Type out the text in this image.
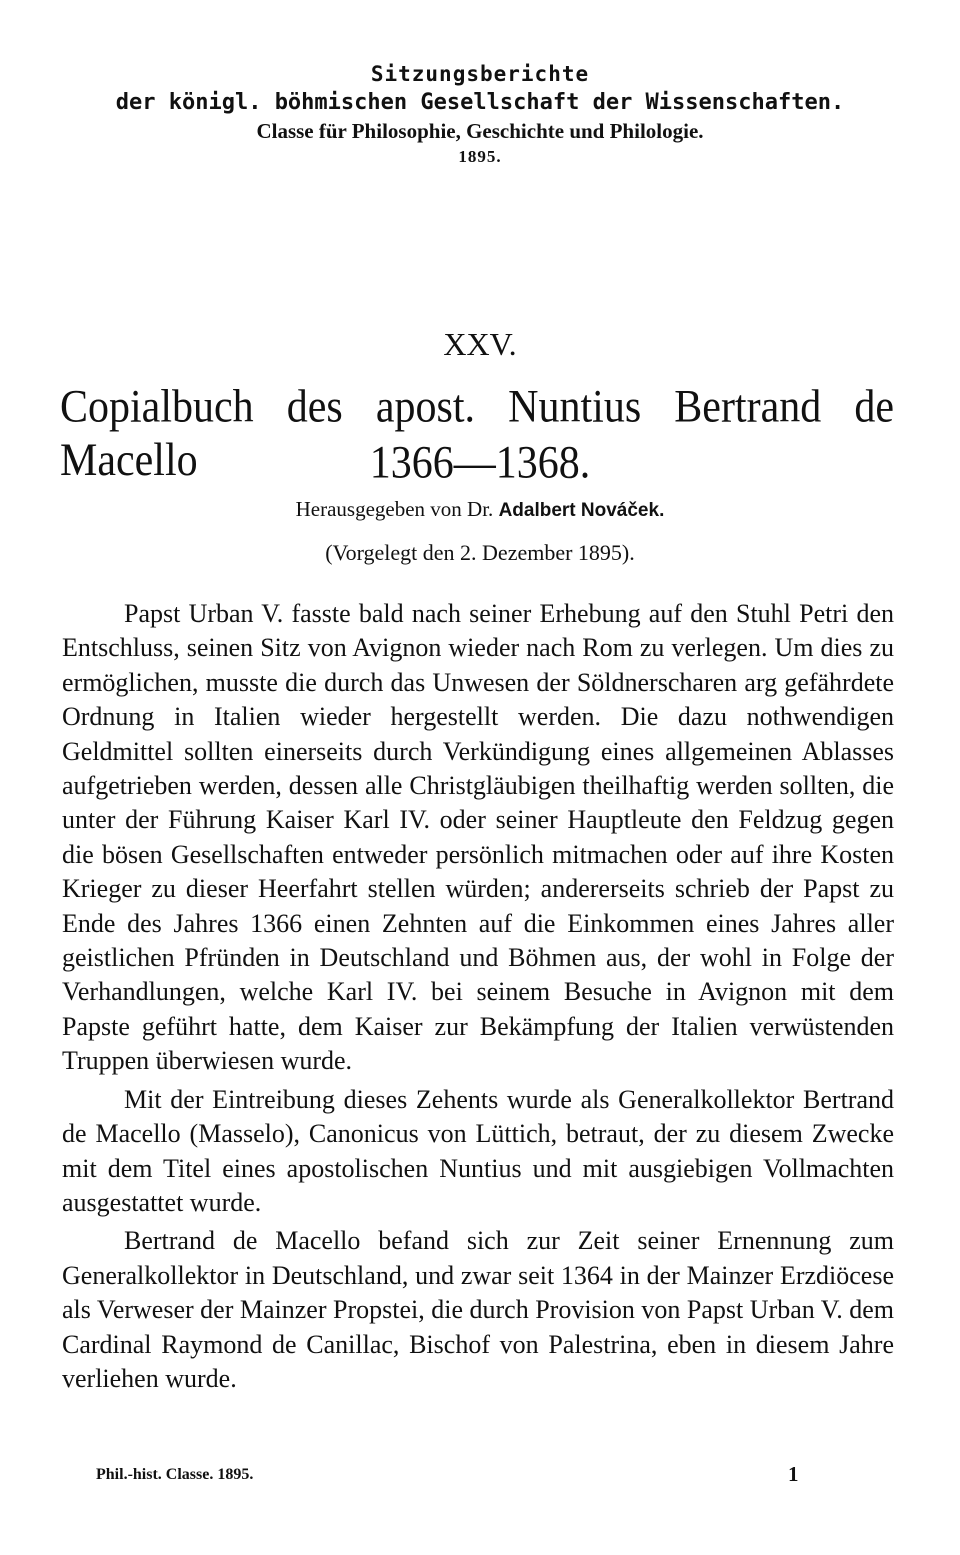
Sitzungsberichte
der königl. böhmischen Gesellschaft der Wissenschaften.
Classe für Philosophie, Geschichte und Philologie.
1895.
XXV.
Copialbuch des apost. Nuntius Bertrand de Macello	1366—1368.
Herausgegeben von Dr. Adalbert Nováček.
(Vorgelegt den 2. Dezember 1895).

Papst Urban V. fasste bald nach seiner Erhebung auf den Stuhl Petri den Entschluss, seinen Sitz von Avignon wieder nach Rom zu verlegen. Um dies zu ermöglichen, musste die durch das Unwesen der Söldnerscharen arg gefährdete Ordnung in Italien wieder hergestellt werden. Die dazu nothwendigen Geldmittel sollten einerseits durch Verkündigung eines allgemeinen Ablasses aufgetrieben werden, dessen alle Christgläubigen theilhaftig werden sollten, die unter der Führung Kaiser Karl IV. oder seiner Hauptleute den Feldzug gegen die bösen Gesellschaften entweder persönlich mitmachen oder auf ihre Kosten Krieger zu dieser Heerfahrt stellen würden; andererseits schrieb der Papst zu Ende des Jahres 1366 einen Zehnten auf die Einkommen eines Jahres aller geistlichen Pfründen in Deutschland und Böhmen aus, der wohl in Folge der Verhandlungen, welche Karl IV. bei seinem Besuche in Avignon mit dem Papste geführt hatte, dem Kaiser zur Bekämpfung der Italien verwüstenden Truppen überwiesen wurde.

Mit der Eintreibung dieses Zehents wurde als Generalkollektor Bertrand de Macello (Masselo), Canonicus von Lüttich, betraut, der zu diesem Zwecke mit dem Titel eines apostolischen Nuntius und mit ausgiebigen Vollmachten ausgestattet wurde.

Bertrand de Macello befand sich zur Zeit seiner Ernennung zum Generalkollektor in Deutschland, und zwar seit 1364 in der Mainzer Erzdiöcese als Verweser der Mainzer Propstei, die durch Provision von Papst Urban V. dem Cardinal Raymond de Canillac, Bischof von Palestrina, eben in diesem Jahre verliehen wurde.

Phil.-hist. Classe. 1895.	1
